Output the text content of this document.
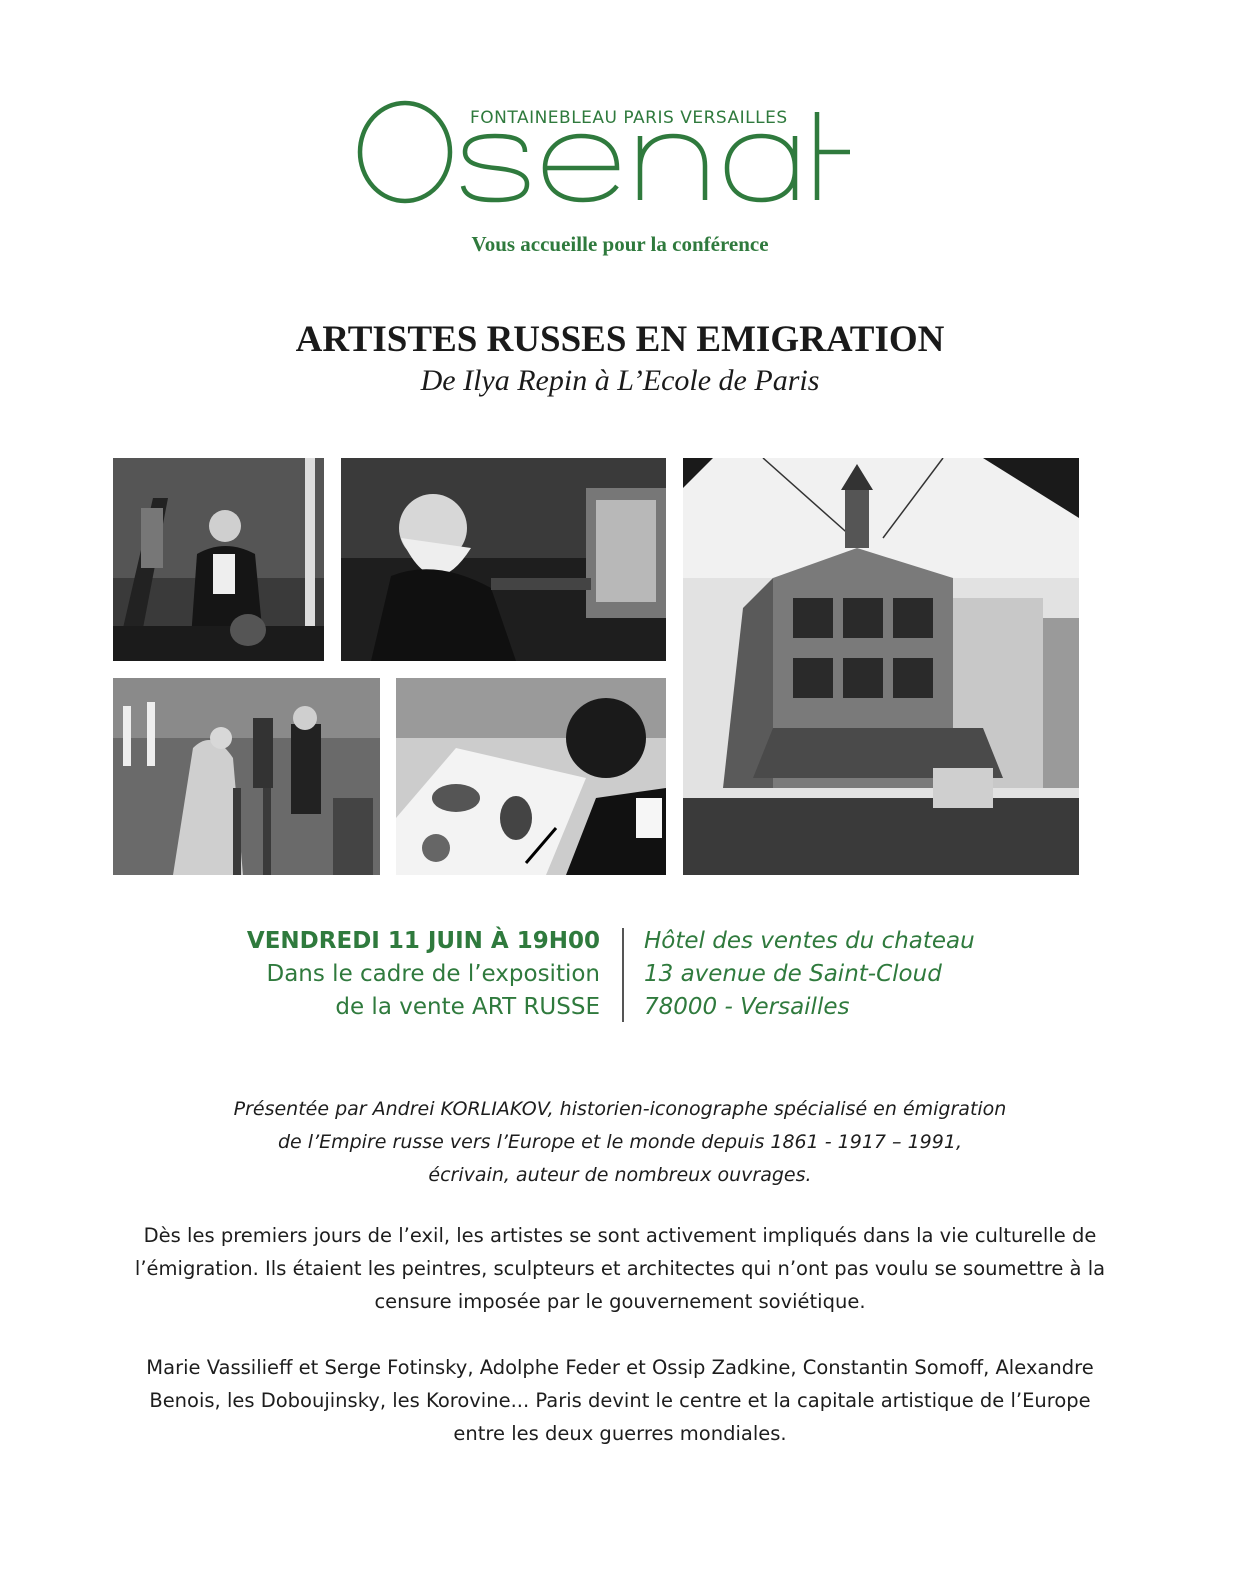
FONTAINEBLEAU PARIS VERSAILLES
Vous accueille pour la conférence
ARTISTES RUSSES EN EMIGRATION
De Ilya Repin à L’Ecole de Paris
VENDREDI 11 JUIN À 19H00
Dans le cadre de l’exposition
de la vente ART RUSSE
Hôtel des ventes du chateau
13 avenue de Saint-Cloud
78000 - Versailles
Présentée par Andrei KORLIAKOV, historien-iconographe spécialisé en émigration
de l’Empire russe vers l’Europe et le monde depuis 1861 - 1917 – 1991,
écrivain, auteur de nombreux ouvrages.
Dès les premiers jours de l’exil, les artistes se sont activement impliqués dans la vie culturelle de
l’émigration. Ils étaient les peintres, sculpteurs et architectes qui n’ont pas voulu se soumettre à la
censure imposée par le gouvernement soviétique.
Marie Vassilieff et Serge Fotinsky, Adolphe Feder et Ossip Zadkine, Constantin Somoff, Alexandre
Benois, les Doboujinsky, les Korovine... Paris devint le centre et la capitale artistique de l’Europe
entre les deux guerres mondiales.
